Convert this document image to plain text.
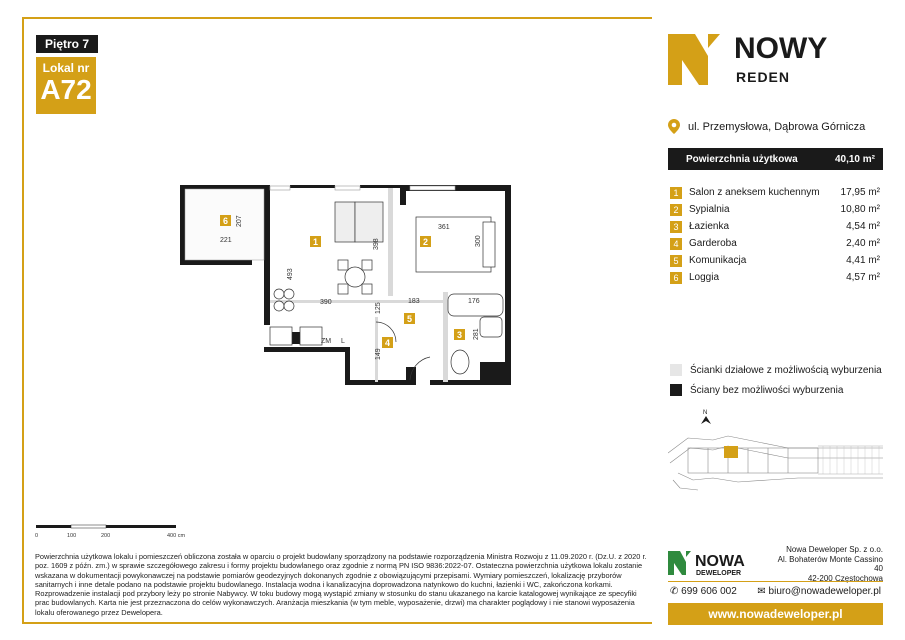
Piętro 7
Lokal nr
A72
NOWY
REDEN
ul. Przemysłowa, Dąbrowa Górnicza
Powierzchnia użytkowa	40,10 m²
1	Salon z aneksem kuchennym	17,95 m²
2	Sypialnia	10,80 m²
3	Łazienka	4,54 m²
4	Garderoba	2,40 m²
5	Komunikacja	4,41 m²
6	Loggia	4,57 m²
Ścianki działowe z możliwością wyburzenia
Ściany bez możliwości wyburzenia
N
207
221
493
390
398
361
300
183	176
125
281
149
ZM L
6
1	2
3
4
5
0	100	200	400 cm
Powierzchnia użytkowa lokalu i pomieszczeń obliczona została w oparciu o projekt budowlany sporządzony na podstawie rozporządzenia Ministra Rozwoju z 11.09.2020 r. (Dz.U. z 2020 r. poz. 1609 z późn. zm.) w sprawie szczegółowego zakresu i formy projektu budowlanego oraz zgodnie z normą PN ISO 9836:2022-07. Ostateczna powierzchnia użytkowa lokalu zostanie wskazana w dokumentacji powykonawczej na podstawie pomiarów geodezyjnych dokonanych zgodnie z obowiązującymi przepisami. Wymiary pomieszczeń, lokalizację przyborów sanitarnych i inne detale podano na podstawie projektu budowlanego. Instalacja wodna i kanalizacyjna doprowadzona natynkowo do kuchni, łazienki i WC, zakończona korkami. Rozprowadzenie instalacji pod przybory leży po stronie Nabywcy. W toku budowy mogą wystąpić zmiany w stosunku do stanu ukazanego na karcie katalogowej wynikające ze specyfiki prac budowlanych. Karta nie jest przeznaczona do celów wykonawczych. Aranżacja mieszkania (w tym meble, wyposażenie, drzwi) ma charakter poglądowy i nie stanowi wyposażenia lokalu oferowanego przez Dewelopera.
NOWA
DEWELOPER
Nowa Deweloper Sp. z o.o.
Al. Bohaterów Monte Cassino 40
42-200 Częstochowa
✆ 699 606 002 ✉ biuro@nowadeweloper.pl
www.nowadeweloper.pl
